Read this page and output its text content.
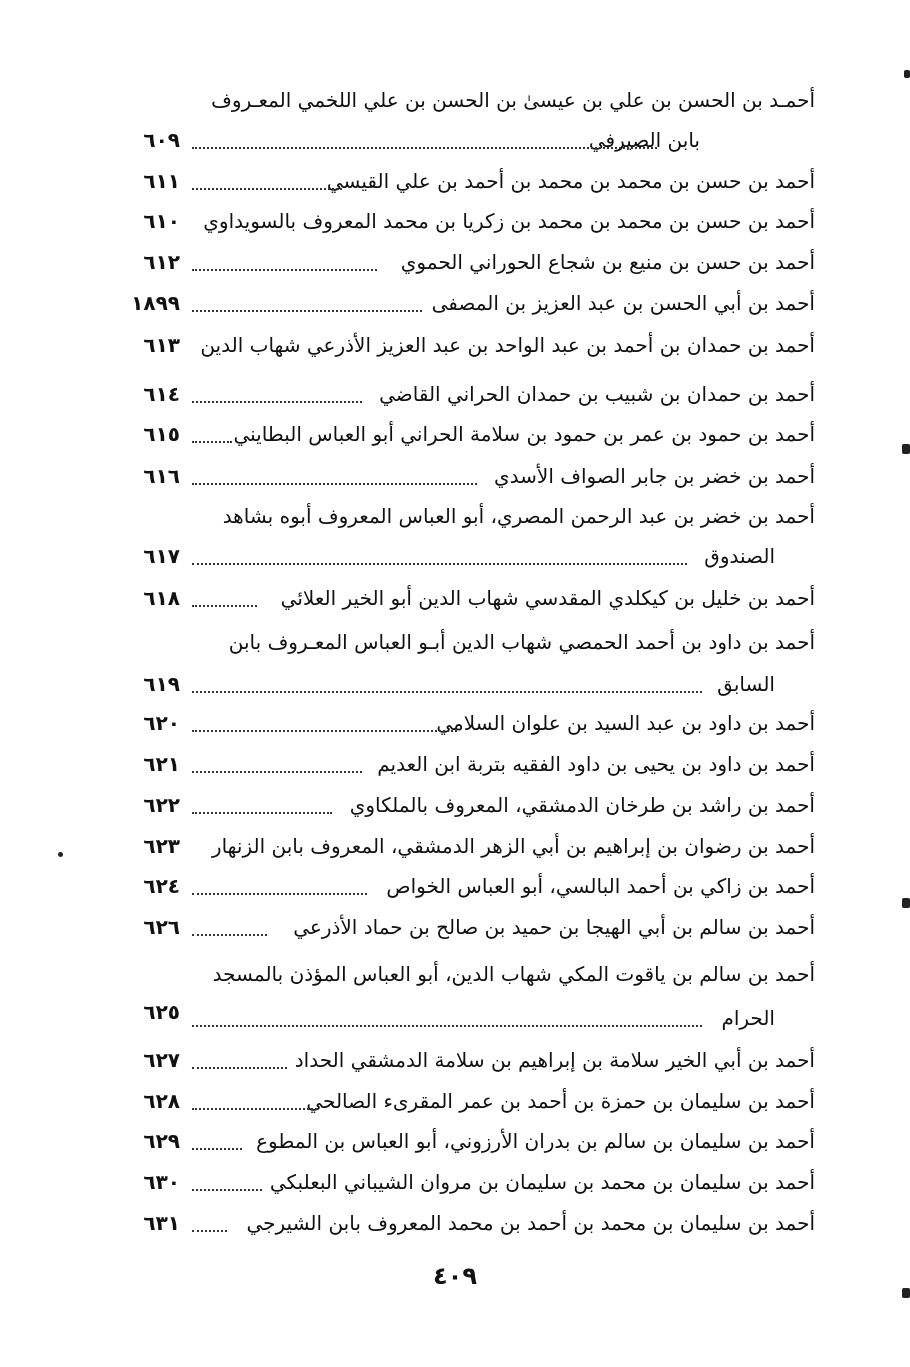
أحمـد بن الحسن بن علي بن عيسىٰ بن الحسن بن علي اللخمي المعـروف
بابن الصيرفي
٦٠٩
أحمد بن حسن بن محمد بن محمد بن أحمد بن علي القيسي
٦١١
أحمد بن حسن بن محمد بن محمد بن زكريا بن محمد المعروف بالسويداوي
٦١٠
أحمد بن حسن بن منيع بن شجاع الحوراني الحموي
٦١٢
أحمد بن أبي الحسن بن عبد العزيز بن المصفى
١٨٩٩
أحمد بن حمدان بن أحمد بن عبد الواحد بن عبد العزيز الأذرعي شهاب الدين
٦١٣
أحمد بن حمدان بن شبيب بن حمدان الحراني القاضي
٦١٤
أحمد بن حمود بن عمر بن حمود بن سلامة الحراني أبو العباس البطايني
٦١٥
أحمد بن خضر بن جابر الصواف الأسدي
٦١٦
أحمد بن خضر بن عبد الرحمن المصري، أبو العباس المعروف أبوه بشاهد
الصندوق
٦١٧
أحمد بن خليل بن كيكلدي المقدسي شهاب الدين أبو الخير العلائي
٦١٨
أحمد بن داود بن أحمد الحمصي شهاب الدين أبـو العباس المعـروف بابن
السابق
٦١٩
أحمد بن داود بن عبد السيد بن علوان السلامي
٦٢٠
أحمد بن داود بن يحيى بن داود الفقيه بتربة ابن العديم
٦٢١
أحمد بن راشد بن طرخان الدمشقي، المعروف بالملكاوي
٦٢٢
أحمد بن رضوان بن إبراهيم بن أبي الزهر الدمشقي، المعروف بابن الزنهار
٦٢٣
أحمد بن زاكي بن أحمد البالسي، أبو العباس الخواص
٦٢٤
أحمد بن سالم بن أبي الهيجا بن حميد بن صالح بن حماد الأذرعي
٦٢٦
أحمد بن سالم بن ياقوت المكي شهاب الدين، أبو العباس المؤذن بالمسجد
الحرام
٦٢٥
أحمد بن أبي الخير سلامة بن إبراهيم بن سلامة الدمشقي الحداد
٦٢٧
أحمد بن سليمان بن حمزة بن أحمد بن عمر المقرىء الصالحي
٦٢٨
أحمد بن سليمان بن سالم بن بدران الأرزوني، أبو العباس بن المطوع
٦٢٩
أحمد بن سليمان بن محمد بن سليمان بن مروان الشيباني البعلبكي
٦٣٠
أحمد بن سليمان بن محمد بن أحمد بن محمد المعروف بابن الشيرجي
٦٣١
٤٠٩
